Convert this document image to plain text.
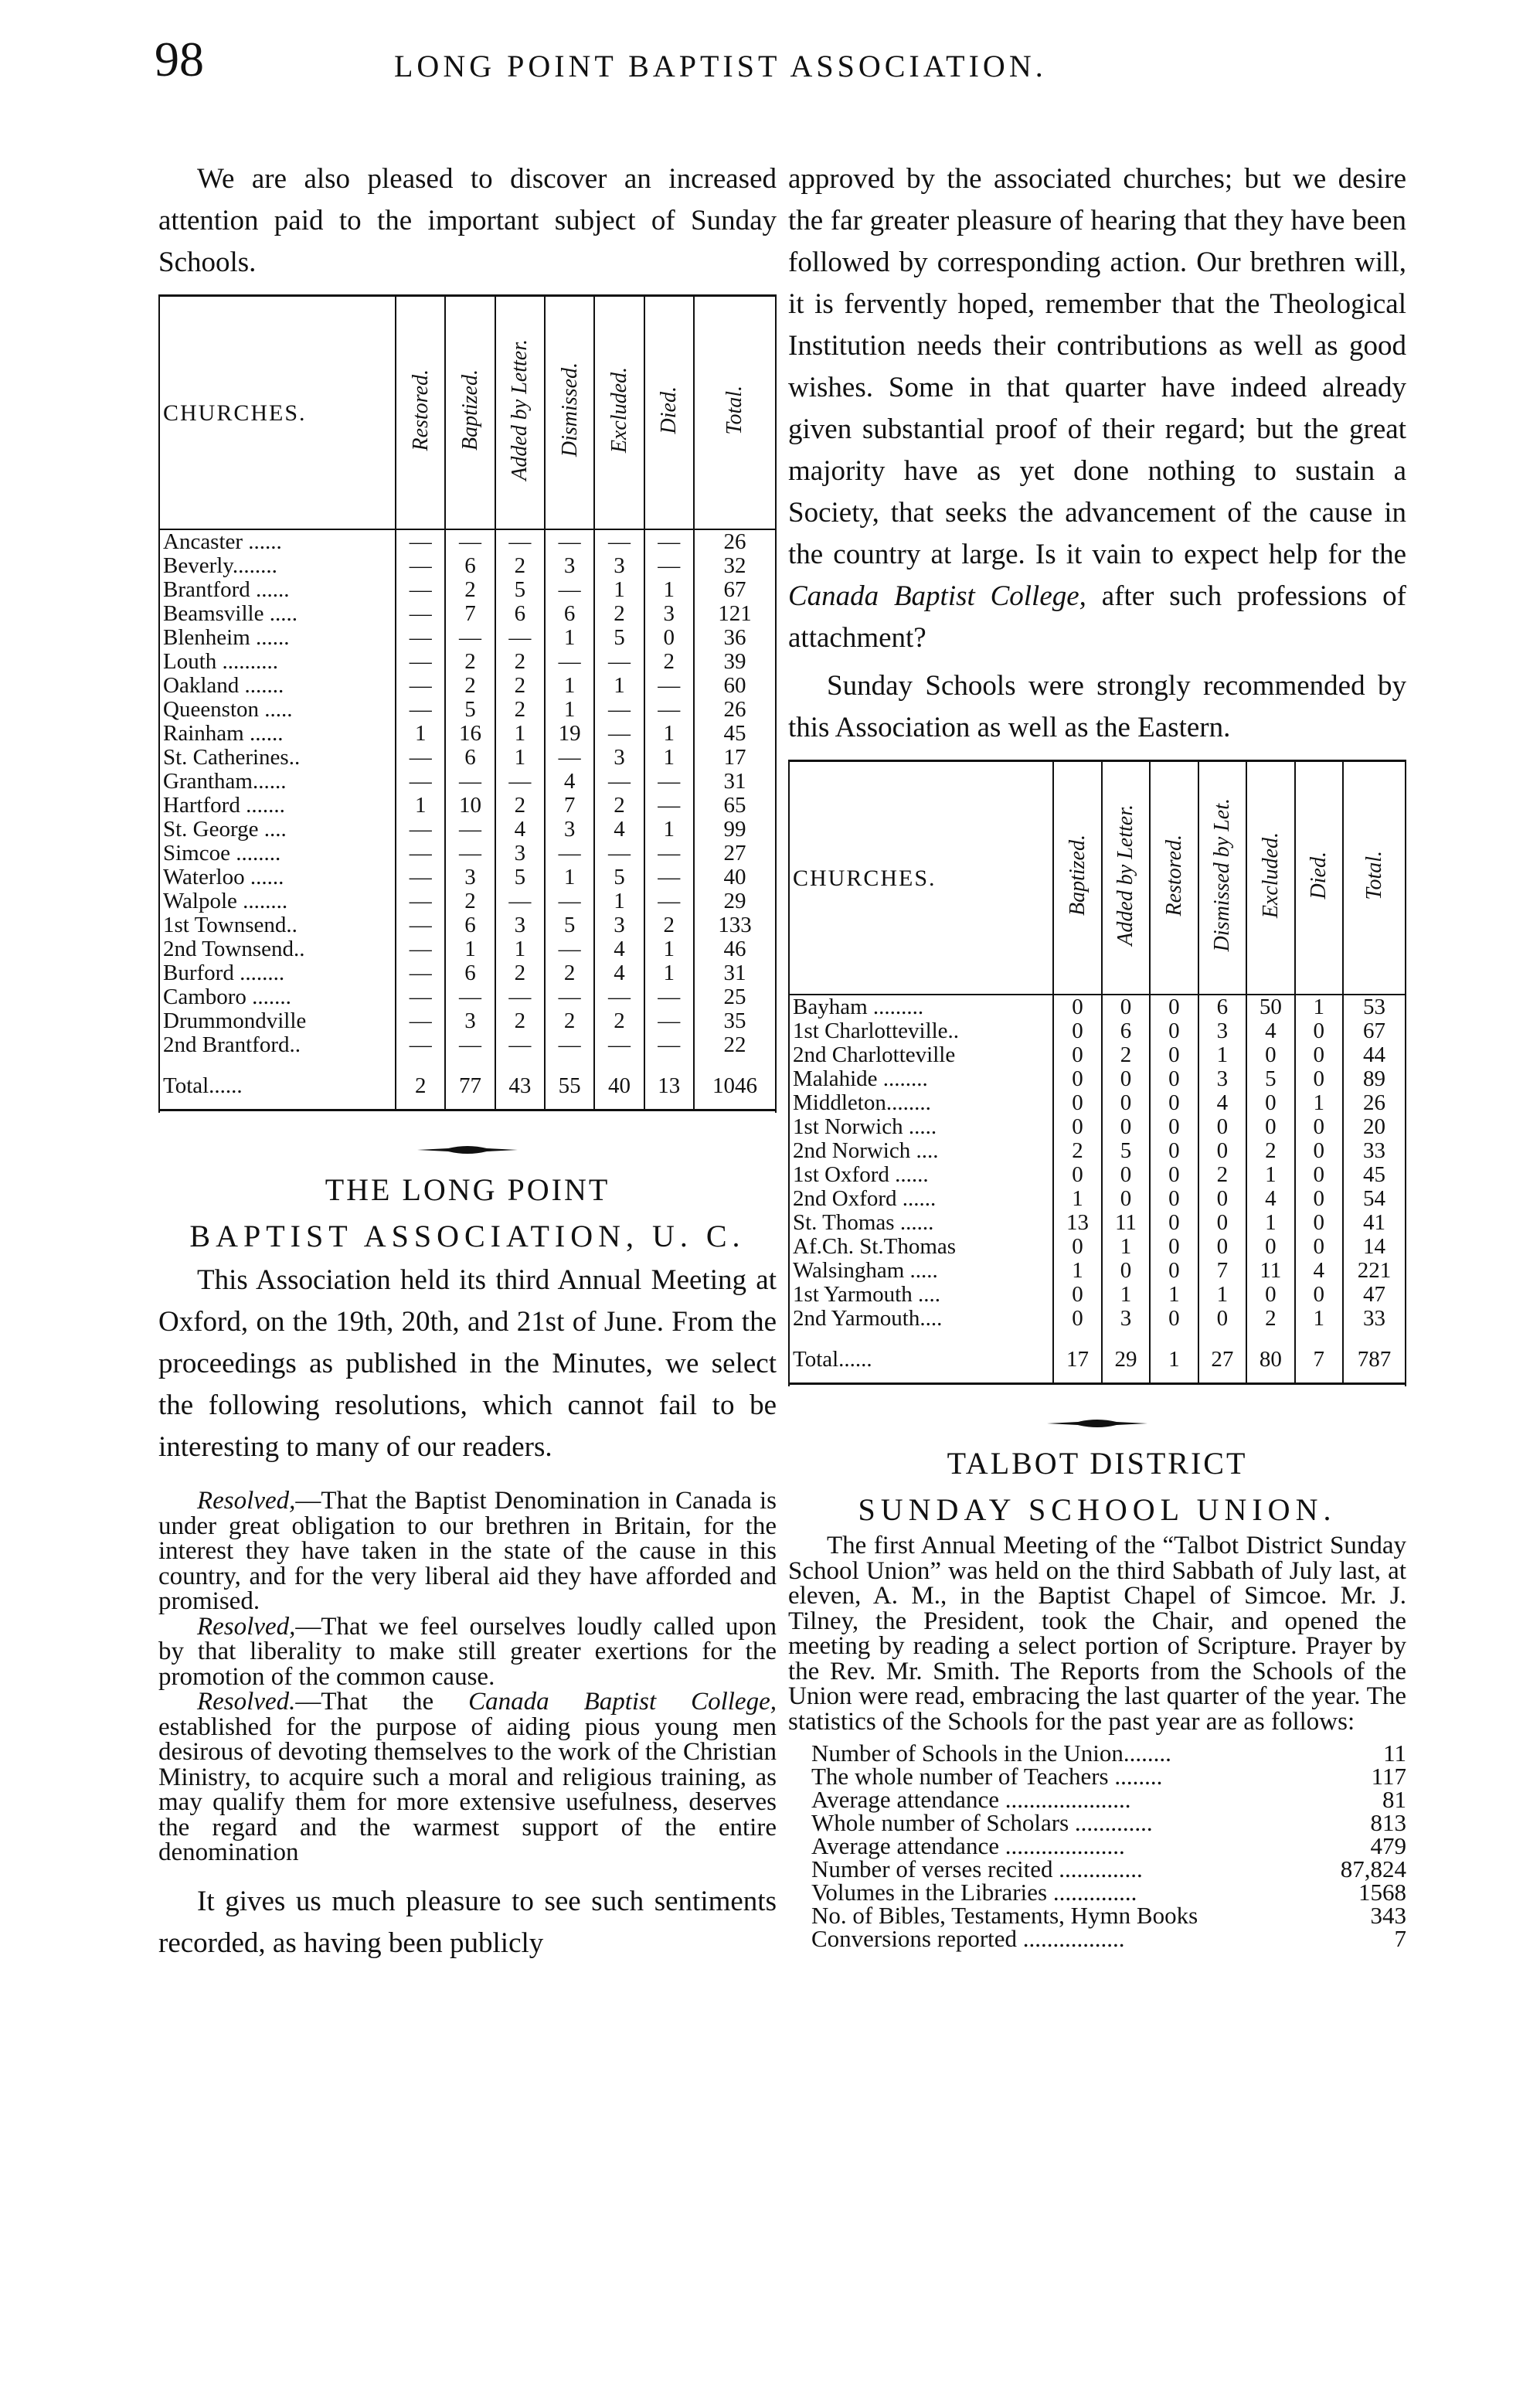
98	LONG POINT BAPTIST ASSOCIATION.

We are also pleased to discover an increased attention paid to the important subject of Sunday Schools.

CHURCHES.	Restored.	Baptized.	Added by Letter.	Dismissed.	Excluded.	Died.	Total.
Ancaster ......	—	—	—	—	—	—	26
Beverly........	—	6	2	3	3	—	32
Brantford ......	—	2	5	—	1	1	67
Beamsville .....	—	7	6	6	2	3	121
Blenheim ......	—	—	—	1	5	0	36
Louth ..........	—	2	2	—	—	2	39
Oakland .......	—	2	2	1	1	—	60
Queenston .....	—	5	2	1	—	—	26
Rainham ......	1	16	1	19	—	1	45
St. Catherines..	—	6	1	—	3	1	17
Grantham......	—	—	—	4	—	—	31
Hartford .......	1	10	2	7	2	—	65
St. George ....	—	—	4	3	4	1	99
Simcoe ........	—	—	3	—	—	—	27
Waterloo ......	—	3	5	1	5	—	40
Walpole ........	—	2	—	—	1	—	29
1st Townsend..	—	6	3	5	3	2	133
2nd Townsend..	—	1	1	—	4	1	46
Burford ........	—	6	2	2	4	1	31
Camboro .......	—	—	—	—	—	—	25
Drummondville	—	3	2	2	2	—	35
2nd Brantford..	—	—	—	—	—	—	22
Total......	2	77	43	55	40	13	1046

THE LONG POINT
BAPTIST ASSOCIATION, U. C.

This Association held its third Annual Meeting at Oxford, on the 19th, 20th, and 21st of June. From the proceedings as published in the Minutes, we select the following resolutions, which cannot fail to be interesting to many of our readers.

Resolved,—That the Baptist Denomination in Canada is under great obligation to our brethren in Britain, for the interest they have taken in the state of the cause in this country, and for the very liberal aid they have afforded and promised.

Resolved,—That we feel ourselves loudly called upon by that liberality to make still greater exertions for the promotion of the common cause.

Resolved.—That the Canada Baptist College, established for the purpose of aiding pious young men desirous of devoting themselves to the work of the Christian Ministry, to acquire such a moral and religious training, as may qualify them for more extensive usefulness, deserves the regard and the warmest support of the entire denomination

It gives us much pleasure to see such sentiments recorded, as having been publicly

approved by the associated churches; but we desire the far greater pleasure of hearing that they have been followed by corresponding action. Our brethren will, it is fervently hoped, remember that the Theological Institution needs their contributions as well as good wishes. Some in that quarter have indeed already given substantial proof of their regard; but the great majority have as yet done nothing to sustain a Society, that seeks the advancement of the cause in the country at large. Is it vain to expect help for the Canada Baptist College, after such professions of attachment?

Sunday Schools were strongly recommended by this Association as well as the Eastern.

CHURCHES.	Baptized.	Added by Letter.	Restored.	Dismissed by Let.	Excluded.	Died.	Total.
Bayham .........	0	0	0	6	50	1	53
1st Charlotteville..	0	6	0	3	4	0	67
2nd Charlotteville	0	2	0	1	0	0	44
Malahide ........	0	0	0	3	5	0	89
Middleton........	0	0	0	4	0	1	26
1st Norwich .....	0	0	0	0	0	0	20
2nd Norwich ....	2	5	0	0	2	0	33
1st Oxford ......	0	0	0	2	1	0	45
2nd Oxford ......	1	0	0	0	4	0	54
St. Thomas ......	13	11	0	0	1	0	41
Af.Ch. St.Thomas	0	1	0	0	0	0	14
Walsingham .....	1	0	0	7	11	4	221
1st Yarmouth ....	0	1	1	1	0	0	47
2nd Yarmouth....	0	3	0	0	2	1	33
Total......	17	29	1	27	80	7	787

TALBOT DISTRICT
SUNDAY SCHOOL UNION.

The first Annual Meeting of the “Talbot District Sunday School Union” was held on the third Sabbath of July last, at eleven, A. M., in the Baptist Chapel of Simcoe. Mr. J. Tilney, the President, took the Chair, and opened the meeting by reading a select portion of Scripture. Prayer by the Rev. Mr. Smith. The Reports from the Schools of the Union were read, embracing the last quarter of the year. The statistics of the Schools for the past year are as follows:

Number of Schools in the Union........	11
The whole number of Teachers ........	117
Average attendance .....................	81
Whole number of Scholars .............	813
Average attendance ....................	479
Number of verses recited ..............	87,824
Volumes in the Libraries ..............	1568
No. of Bibles, Testaments, Hymn Books	343
Conversions reported .................	7
